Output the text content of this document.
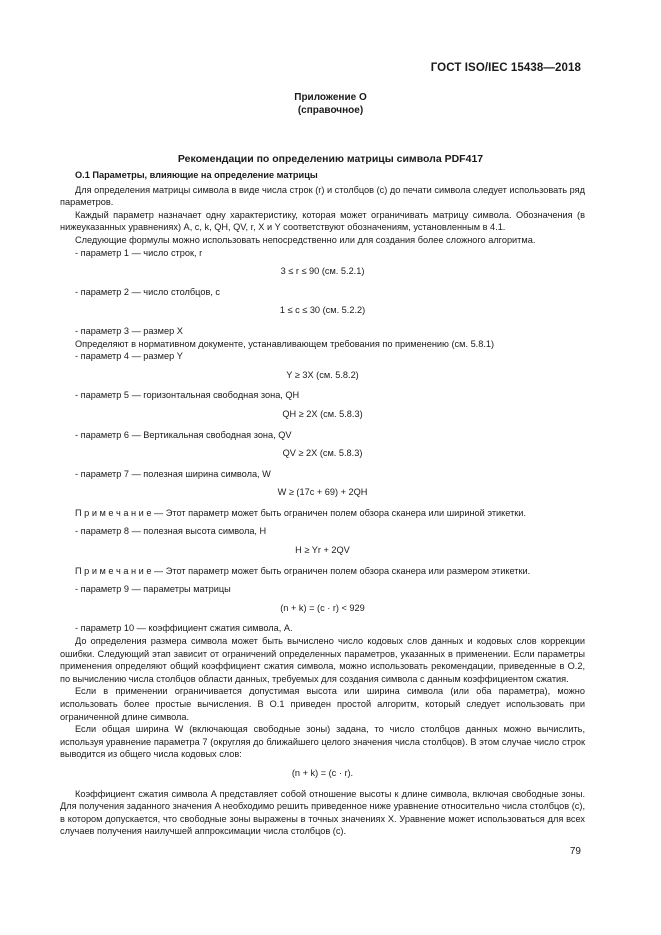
ГОСТ ISO/IEC 15438—2018
Приложение О
(справочное)
Рекомендации по определению матрицы символа PDF417

О.1 Параметры, влияющие на определение матрицы

Для определения матрицы символа в виде числа строк (r) и столбцов (c) до печати символа следует использовать ряд параметров.

Каждый параметр назначает одну характеристику, которая может ограничивать матрицу символа. Обозначения (в нижеуказанных уравнениях) A, c, k, QH, QV, r, X и Y соответствуют обозначениям, установленным в 4.1.

Следующие формулы можно использовать непосредственно или для создания более сложного алгоритма.

- параметр 1 — число строк, r

3 ≤ r ≤ 90 (см. 5.2.1)

- параметр 2 — число столбцов, c

1 ≤ c ≤ 30 (см. 5.2.2)

- параметр 3 — размер X

Определяют в нормативном документе, устанавливающем требования по применению (см. 5.8.1)

- параметр 4 — размер Y

Y ≥ 3X (см. 5.8.2)

- параметр 5 — горизонтальная свободная зона, QH

QH ≥ 2X (см. 5.8.3)

- параметр 6 — Вертикальная свободная зона, QV

QV ≥ 2X (см. 5.8.3)

- параметр 7 — полезная ширина символа, W

W ≥ (17c + 69) + 2QH

П р и м е ч а н и е — Этот параметр может быть ограничен полем обзора сканера или шириной этикетки.

- параметр 8 — полезная высота символа, H

H ≥ Yr + 2QV

П р и м е ч а н и е — Этот параметр может быть ограничен полем обзора сканера или размером этикетки.

- параметр 9 — параметры матрицы

(n + k) = (c · r) < 929

- параметр 10 — коэффициент сжатия символа, A.

До определения размера символа может быть вычислено число кодовых слов данных и кодовых слов коррекции ошибки. Следующий этап зависит от ограничений определенных параметров, указанных в применении. Если параметры применения определяют общий коэффициент сжатия символа, можно использовать рекомендации, приведенные в О.2, по вычислению числа столбцов области данных, требуемых для создания символа с данным коэффициентом сжатия.

Если в применении ограничивается допустимая высота или ширина символа (или оба параметра), можно использовать более простые вычисления. В О.1 приведен простой алгоритм, который следует использовать при ограниченной длине символа.

Если общая ширина W (включающая свободные зоны) задана, то число столбцов данных можно вычислить, используя уравнение параметра 7 (округляя до ближайшего целого значения числа столбцов). В этом случае число строк выводится из общего числа кодовых слов:

(n + k) = (c · r).

Коэффициент сжатия символа A представляет собой отношение высоты к длине символа, включая свободные зоны. Для получения заданного значения A необходимо решить приведенное ниже уравнение относительно числа столбцов (c), в котором допускается, что свободные зоны выражены в точных значениях X. Уравнение может использоваться для всех случаев получения наилучшей аппроксимации числа столбцов (c).

79
